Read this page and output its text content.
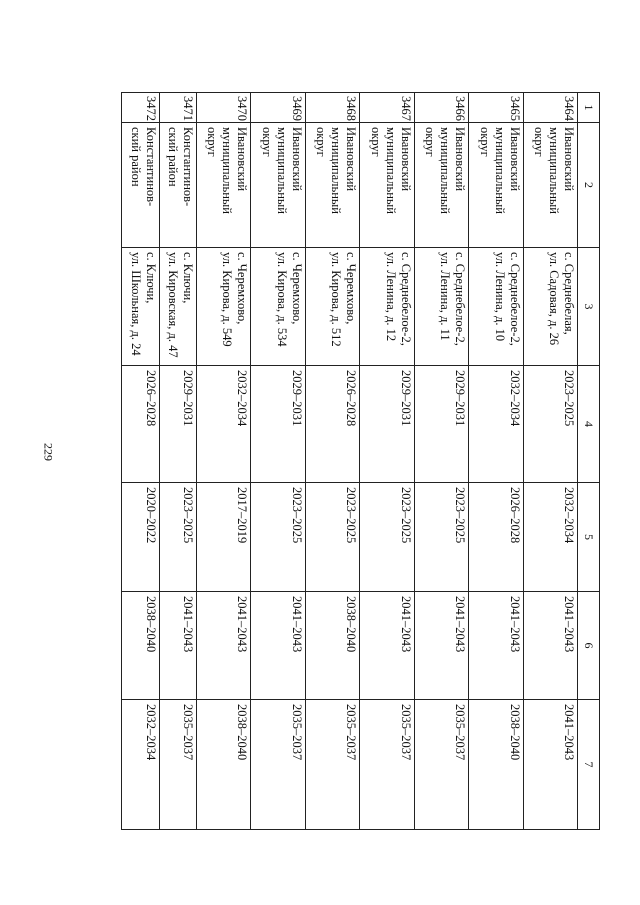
229
1	2	3	4	5	6	7
3464	Ивановский
муниципальный
округ	с. Среднебелая,
ул. Садовая, д. 26	2023–2025	2032–2034	2041–2043	2041–2043
3465	Ивановский
муниципальный
округ	с. Среднебелое-2,
ул. Ленина, д. 10	2032–2034	2026–2028	2041–2043	2038–2040
3466	Ивановский
муниципальный
округ	с. Среднебелое-2,
ул. Ленина, д. 11	2029–2031	2023–2025	2041–2043	2035–2037
3467	Ивановский
муниципальный
округ	с. Среднебелое-2,
ул. Ленина, д. 12	2029–2031	2023–2025	2041–2043	2035–2037
3468	Ивановский
муниципальный
округ	с. Черемхово,
ул. Кирова, д. 512	2026–2028	2023–2025	2038–2040	2035–2037
3469	Ивановский
муниципальный
округ	с. Черемхово,
ул. Кирова, д. 534	2029–2031	2023–2025	2041–2043	2035–2037
3470	Ивановский
муниципальный
округ	с. Черемхово,
ул. Кирова, д. 549	2032–2034	2017–2019	2041–2043	2038–2040
3471	Константинов-
ский район	с. Ключи,
ул. Кировская, д. 47	2029–2031	2023–2025	2041–2043	2035–2037
3472	Константинов-
ский район	с. Ключи,
ул. Школьная, д. 24	2026–2028	2020–2022	2038–2040	2032–2034
